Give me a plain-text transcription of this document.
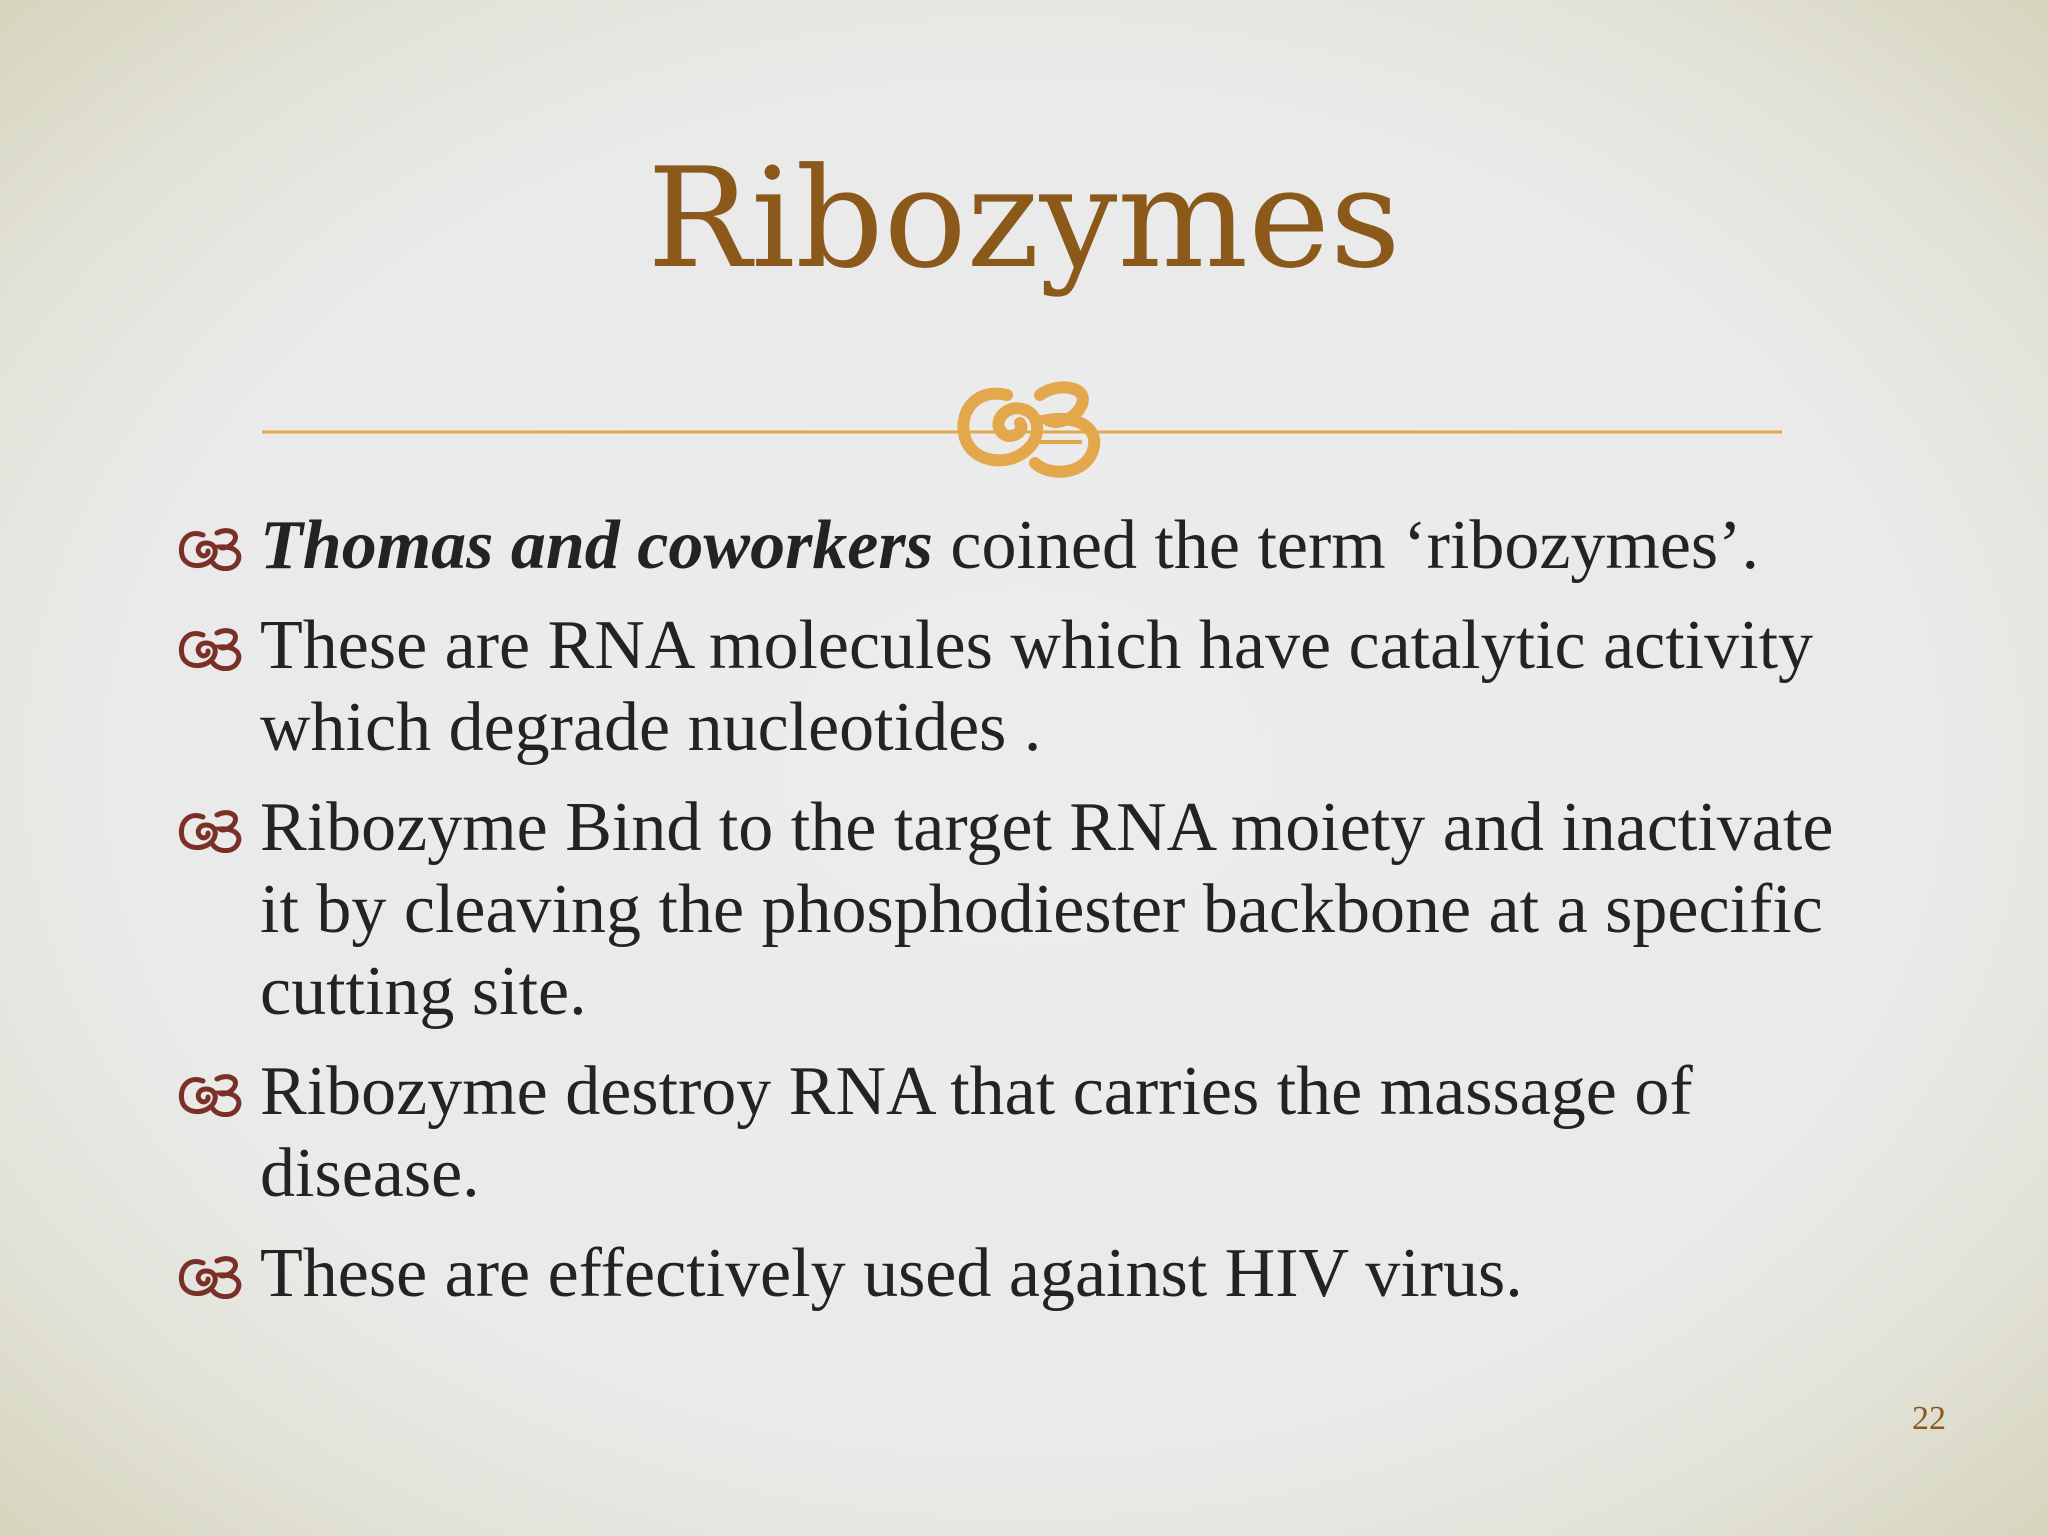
Ribozymes
Thomas and coworkers coined the term ‘ribozymes’.
These are RNA molecules which have catalytic activity which degrade nucleotides .
Ribozyme Bind to the target RNA moiety and inactivate it by cleaving the phosphodiester backbone at a specific cutting site.
Ribozyme destroy RNA that carries the massage of disease.
These are effectively used against HIV virus.
22
